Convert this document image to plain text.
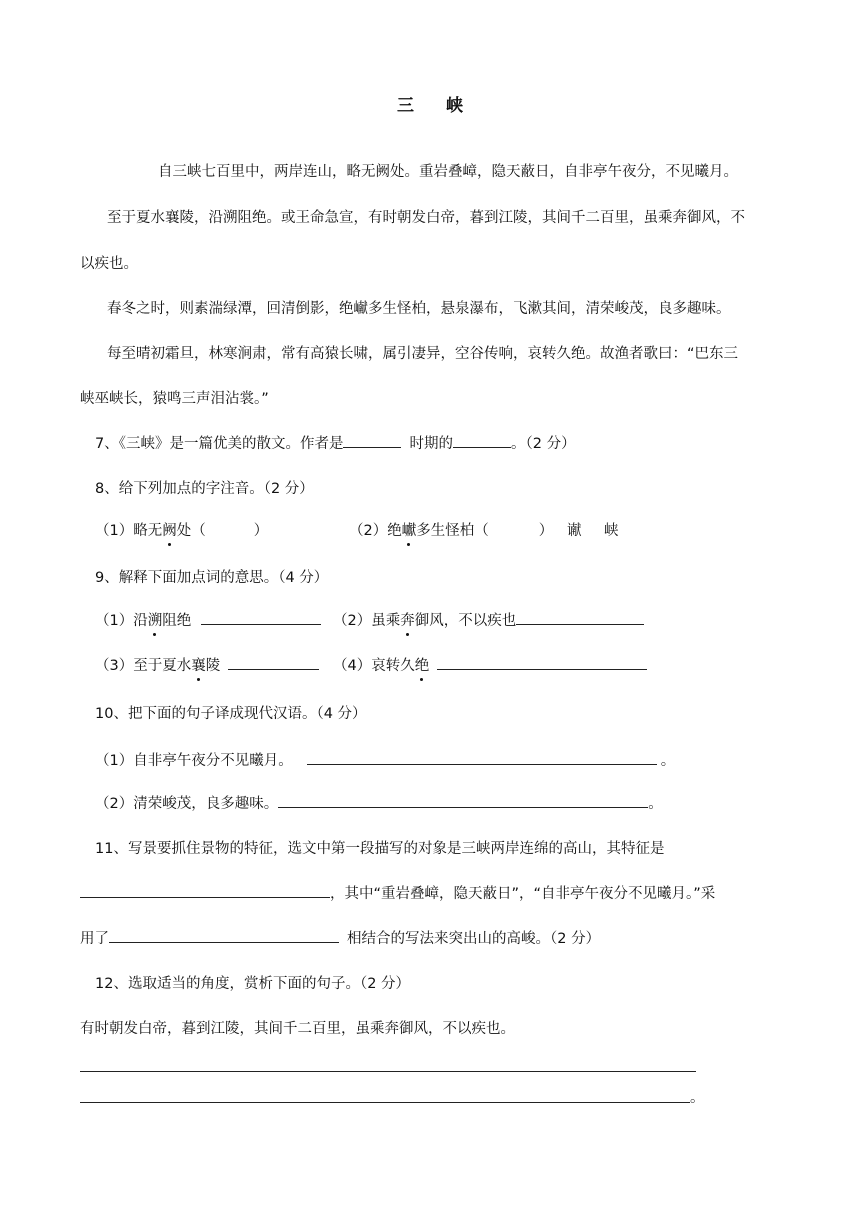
三 峡
自三峡七百里中，两岸连山，略无阙处。重岩叠嶂，隐天蔽日，自非亭午夜分，不见曦月。
至于夏水襄陵，沿溯阻绝。或王命急宣，有时朝发白帝，暮到江陵，其间千二百里，虽乘奔御风，不
以疾也。
春冬之时，则素湍绿潭，回清倒影，绝𪩘多生怪柏，悬泉瀑布，飞漱其间，清荣峻茂，良多趣味。
每至晴初霜旦，林寒涧肃，常有高猿长啸，属引凄异，空谷传响，哀转久绝。故渔者歌曰：“巴东三
峡巫峡长，猿鸣三声泪沾裳。”
7、《三峡》是一篇优美的散文。作者是	时期的	。（2 分）
8、给下列加点的字注音。（2 分）
（1）略无阙处（	）	（2）绝巘多生怪柏（	） 谳 峡
9、解释下面加点词的意思。（4 分）
（1）沿溯阻绝	（2）虽乘奔御风，不以疾也
（3）至于夏水襄陵	（4）哀转久绝
10、把下面的句子译成现代汉语。（4 分）
（1）自非亭午夜分不见曦月。	。
（2）清荣峻茂，良多趣味。	。
11、写景要抓住景物的特征，选文中第一段描写的对象是三峡两岸连绵的高山，其特征是
，其中“重岩叠嶂，隐天蔽日”，“自非亭午夜分不见曦月。”采
用了	相结合的写法来突出山的高峻。（2 分）
12、选取适当的角度，赏析下面的句子。（2 分）
有时朝发白帝，暮到江陵，其间千二百里，虽乘奔御风，不以疾也。
。
